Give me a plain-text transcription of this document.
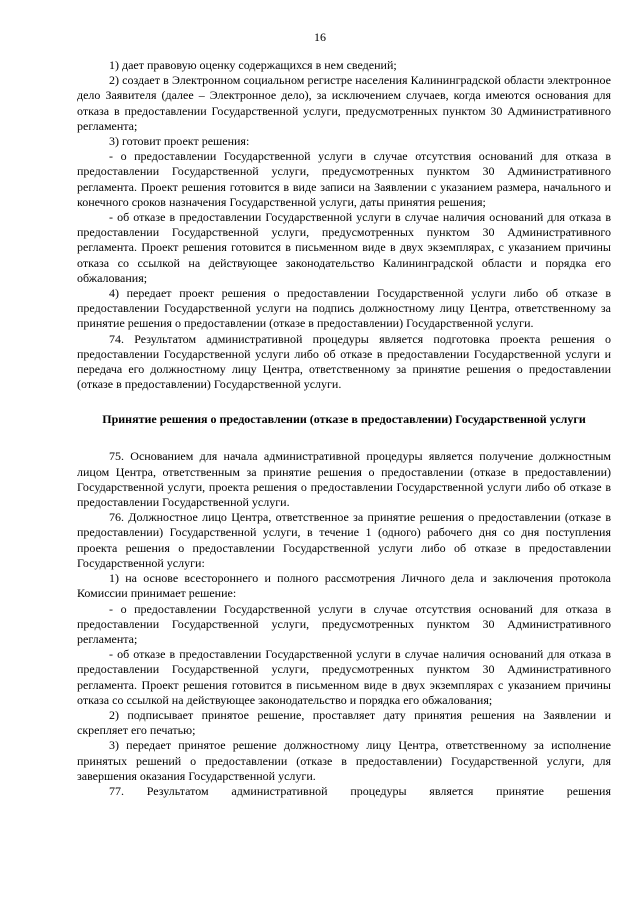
16

1) дает правовую оценку содержащихся в нем сведений;

2) создает в Электронном социальном регистре населения Калининградской области электронное дело Заявителя (далее – Электронное дело), за исключением случаев, когда имеются основания для отказа в предоставлении Государственной услуги, предусмотренных пунктом 30 Административного регламента;

3) готовит проект решения:

- о предоставлении Государственной услуги в случае отсутствия оснований для отказа в предоставлении Государственной услуги, предусмотренных пунктом 30 Административного регламента. Проект решения готовится в виде записи на Заявлении с указанием размера, начального и конечного сроков назначения Государственной услуги, даты принятия решения;

- об отказе в предоставлении Государственной услуги в случае наличия оснований для отказа в предоставлении Государственной услуги, предусмотренных пунктом 30 Административного регламента. Проект решения готовится в письменном виде в двух экземплярах, с указанием причины отказа со ссылкой на действующее законодательство Калининградской области и порядка его обжалования;

4) передает проект решения о предоставлении Государственной услуги либо об отказе в предоставлении Государственной услуги на подпись должностному лицу Центра, ответственному за принятие решения о предоставлении (отказе в предоставлении) Государственной услуги.

74. Результатом административной процедуры является подготовка проекта решения о предоставлении Государственной услуги либо об отказе в предоставлении Государственной услуги и передача его должностному лицу Центра, ответственному за принятие решения о предоставлении (отказе в предоставлении) Государственной услуги.

Принятие решения о предоставлении (отказе в предоставлении) Государственной услуги

75. Основанием для начала административной процедуры является получение должностным лицом Центра, ответственным за принятие решения о предоставлении (отказе в предоставлении) Государственной услуги, проекта решения о предоставлении Государственной услуги либо об отказе в предоставлении Государственной услуги.

76. Должностное лицо Центра, ответственное за принятие решения о предоставлении (отказе в предоставлении) Государственной услуги, в течение 1 (одного) рабочего дня со дня поступления проекта решения о предоставлении Государственной услуги либо об отказе в предоставлении Государственной услуги:

1) на основе всестороннего и полного рассмотрения Личного дела и заключения протокола Комиссии принимает решение:

- о предоставлении Государственной услуги в случае отсутствия оснований для отказа в предоставлении Государственной услуги, предусмотренных пунктом 30 Административного регламента;

- об отказе в предоставлении Государственной услуги в случае наличия оснований для отказа в предоставлении Государственной услуги, предусмотренных пунктом 30 Административного регламента. Проект решения готовится в письменном виде в двух экземплярах с указанием причины отказа со ссылкой на действующее законодательство и порядка его обжалования;

2) подписывает принятое решение, проставляет дату принятия решения на Заявлении и скрепляет его печатью;

3) передает принятое решение должностному лицу Центра, ответственному за исполнение принятых решений о предоставлении (отказе в предоставлении) Государственной услуги, для завершения оказания Государственной услуги.

77. Результатом административной процедуры является принятие решения
